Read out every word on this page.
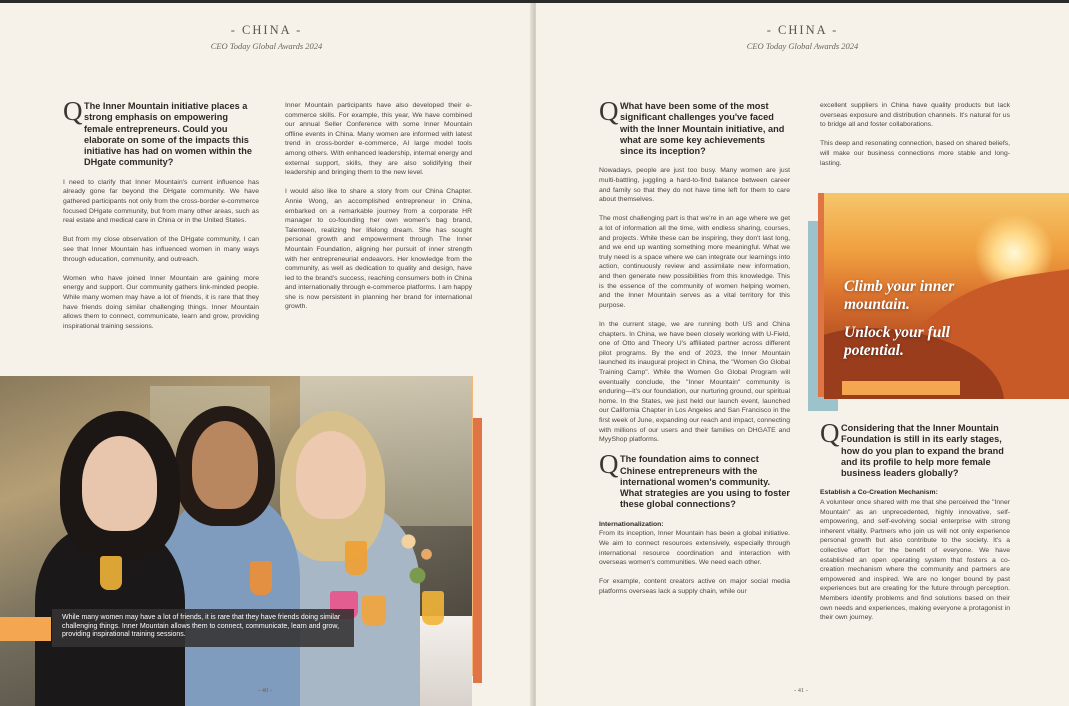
- CHINA -
CEO Today Global Awards 2024
Q The Inner Mountain initiative places a strong emphasis on empowering female entrepreneurs. Could you elaborate on some of the impacts this initiative has had on women within the DHgate community?

I need to clarify that Inner Mountain's current influence has already gone far beyond the DHgate community. We have gathered participants not only from the cross-border e-commerce focused DHgate community, but from many other areas, such as real estate and medical care in China or in the United States.

But from my close observation of the DHgate community, I can see that Inner Mountain has influenced women in many ways through education, community, and outreach.

Women who have joined Inner Mountain are gaining more energy and support. Our community gathers link-minded people. While many women may have a lot of friends, it is rare that they have friends doing similar challenging things. Inner Mountain allows them to connect, communicate, learn and grow, providing inspirational training sessions.

Inner Mountain participants have also developed their e-commerce skills. For example, this year, We have combined our annual Seller Conference with some Inner Mountain offline events in China. Many women are informed with latest trend in cross-border e-commerce, AI large model tools among others. With enhanced leadership, internal energy and external support, skills, they are also solidifying their leadership and bringing them to the new level.

I would also like to share a story from our China Chapter. Annie Wong, an accomplished entrepreneur in China, embarked on a remarkable journey from a corporate HR manager to co-founding her own women's bag brand, Talenteen, realizing her lifelong dream. She has sought personal growth and empowerment through The Inner Mountain Foundation, aligning her pursuit of inner strength with her entrepreneurial endeavors. Her knowledge from the community, as well as dedication to quality and design, have led to the brand's success, reaching consumers both in China and internationally through e-commerce platforms. I am happy she is now persistent in planning her brand for international growth.

While many women may have a lot of friends, it is rare that they have friends doing similar challenging things. Inner Mountain allows them to connect, communicate, learn and grow, providing inspirational training sessions.
- 40 -
- CHINA -
CEO Today Global Awards 2024
Q What have been some of the most significant challenges you've faced with the Inner Mountain initiative, and what are some key achievements since its inception?

Nowadays, people are just too busy. Many women are just multi-battling, juggling a hard-to-find balance between career and family so that they do not have time left for them to care about themselves.

The most challenging part is that we're in an age where we get a lot of information all the time, with endless sharing, courses, and projects. While these can be inspiring, they don't last long, and we end up wanting something more meaningful. What we truly need is a space where we can integrate our learnings into action, continuously review and assimilate new information, and then generate new possibilities from this knowledge. This is the essence of the community of women helping women, and the Inner Mountain serves as a vital territory for this purpose.

In the current stage, we are running both US and China chapters. In China, we have been closely working with U-Field, one of Otto and Theory U's affiliated partner across different pilot programs. By the end of 2023, the Inner Mountain launched its inaugural project in China, the "Women Go Global Training Camp". While the Women Go Global Program will eventually conclude, the "Inner Mountain" community is enduring—it's our foundation, our nurturing ground, our spiritual home. In the States, we just held our launch event, launched our California Chapter in Los Angeles and San Francisco in the first week of June, expanding our reach and impact, connecting with millions of our users and their families on DHGATE and MyyShop platforms.

Q The foundation aims to connect Chinese entrepreneurs with the international women's community. What strategies are you using to foster these global connections?
Internationalization:

From its inception, Inner Mountain has been a global initiative. We aim to connect resources extensively, especially through international resource coordination and interaction with overseas women's communities. We need each other.

For example, content creators active on major social media platforms overseas lack a supply chain, while our

excellent suppliers in China have quality products but lack overseas exposure and distribution channels. It's natural for us to bridge all and foster collaborations.

This deep and resonating connection, based on shared beliefs, will make our business connections more stable and long-lasting.

Climb your inner
mountain.
Unlock your full
potential.
Q Considering that the Inner Mountain Foundation is still in its early stages, how do you plan to expand the brand and its profile to help more female business leaders globally?
Establish a Co-Creation Mechanism:

A volunteer once shared with me that she perceived the "Inner Mountain" as an unprecedented, highly innovative, self-empowering, and self-evolving social enterprise with strong inherent vitality. Partners who join us will not only experience personal growth but also contribute to the society. It's a collective effort for the benefit of everyone. We have established an open operating system that fosters a co-creation mechanism where the community and partners are empowered and inspired. We are no longer bound by past experiences but are creating for the future through perception. Members identify problems and find solutions based on their own needs and experiences, making everyone a protagonist in their own journey.

- 41 -
